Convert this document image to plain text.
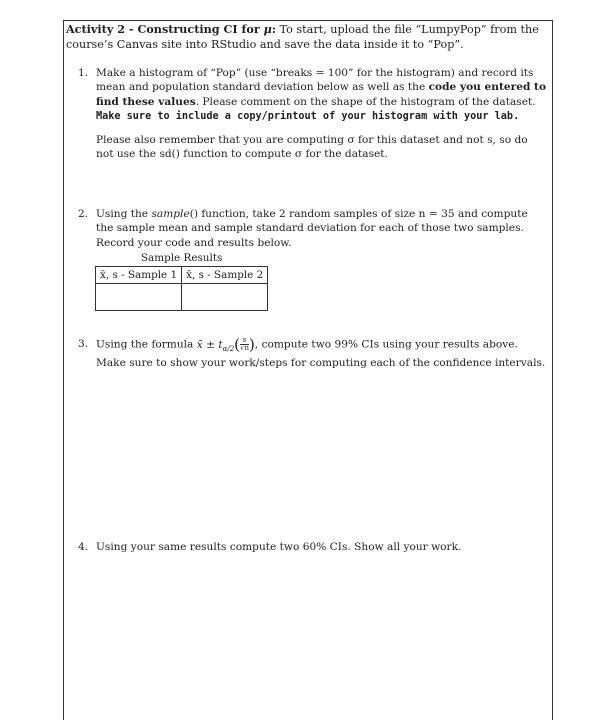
Activity 2 - Constructing CI for μ: To start, upload the file “LumpyPop” from the course’s Canvas site into RStudio and save the data inside it to “Pop”.
1. Make a histogram of “Pop” (use “breaks = 100” for the histogram) and record its mean and population standard deviation below as well as the code you entered to find these values. Please comment on the shape of the histogram of the dataset. Make sure to include a copy/printout of your histogram with your lab.
Please also remember that you are computing σ for this dataset and not s, so do not use the sd() function to compute σ for the dataset.
2. Using the sample() function, take 2 random samples of size n = 35 and compute the sample mean and sample standard deviation for each of those two samples. Record your code and results below.
Sample Results	
x̄, s - Sample 1	x̄, s - Sample 2

3. Using the formula x̄ ± $t_{\alpha/2}( \frac{s}{√n}$ ), compute two 99% CIs using your results above. Make sure to show your work/steps for computing each of the confidence intervals.
4. Using your same results compute two 60% CIs. Show all your work.
